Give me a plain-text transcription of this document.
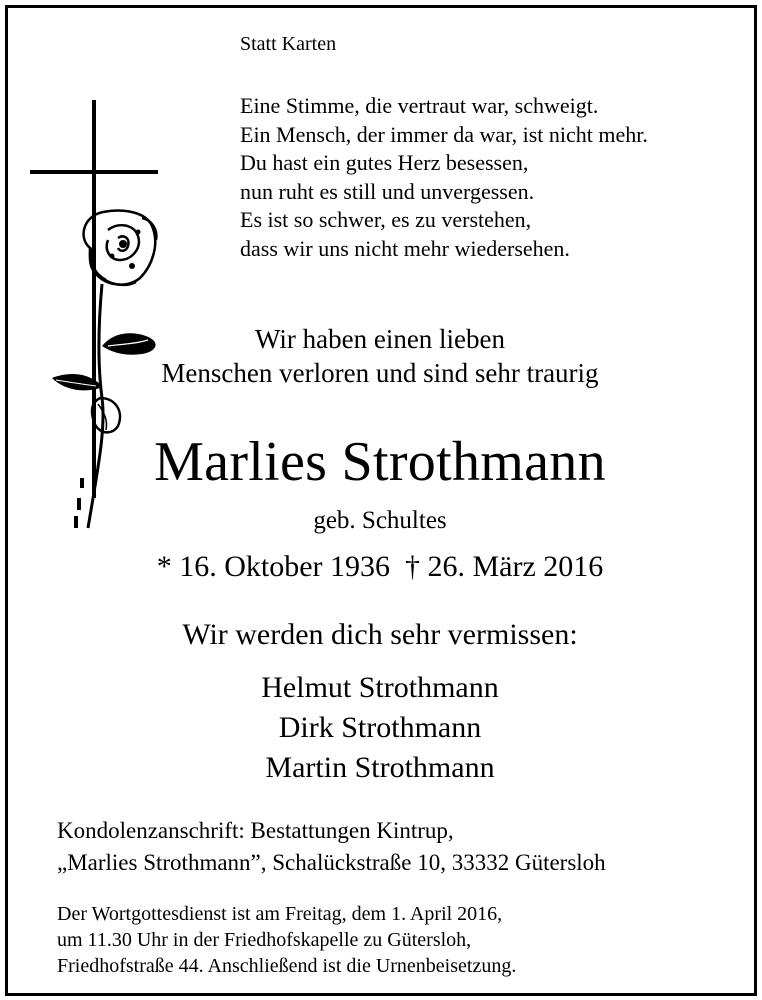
Statt Karten
Eine Stimme, die vertraut war, schweigt.
Ein Mensch, der immer da war, ist nicht mehr.
Du hast ein gutes Herz besessen,
nun ruht es still und unvergessen.
Es ist so schwer, es zu verstehen,
dass wir uns nicht mehr wiedersehen.
Wir haben einen lieben
Menschen verloren und sind sehr traurig
Marlies Strothmann
geb. Schultes
* 16. Oktober 1936  † 26. März 2016
Wir werden dich sehr vermissen:
Helmut Strothmann
Dirk Strothmann
Martin Strothmann
Kondolenzanschrift: Bestattungen Kintrup,
„Marlies Strothmann”, Schalückstraße 10, 33332 Gütersloh
Der Wortgottesdienst ist am Freitag, dem 1. April 2016,
um 11.30 Uhr in der Friedhofskapelle zu Gütersloh,
Friedhofstraße 44. Anschließend ist die Urnenbeisetzung.
